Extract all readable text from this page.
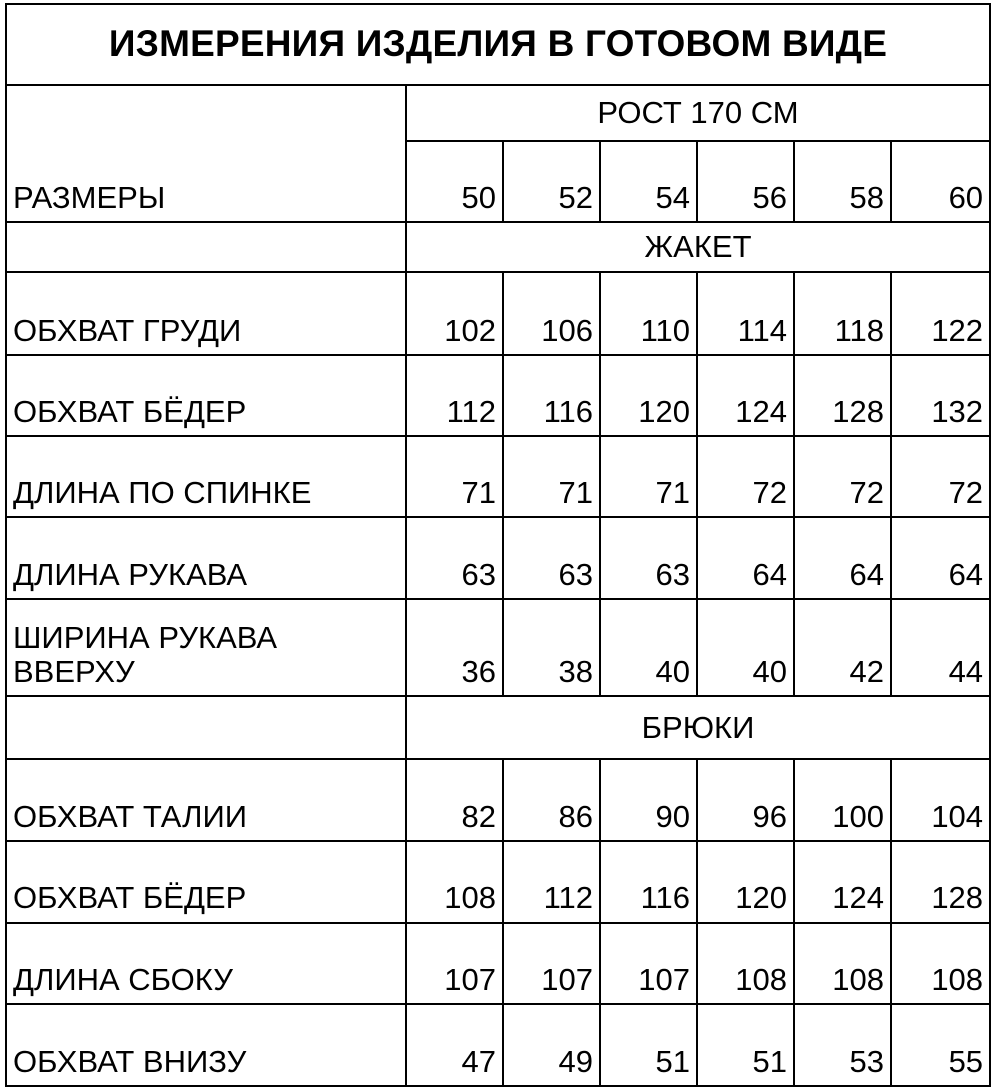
ИЗМЕРЕНИЯ ИЗДЕЛИЯ В ГОТОВОМ ВИДЕ						
РАЗМЕРЫ	РОСТ 170 СМ					
	50	52	54	56	58	60
	ЖАКЕТ					
ОБХВАТ ГРУДИ	102	106	110	114	118	122
ОБХВАТ БЁДЕР	112	116	120	124	128	132
ДЛИНА ПО СПИНКЕ	71	71	71	72	72	72
ДЛИНА РУКАВА	63	63	63	64	64	64
ШИРИНА РУКАВА ВВЕРХУ	36	38	40	40	42	44
	БРЮКИ					
ОБХВАТ ТАЛИИ	82	86	90	96	100	104
ОБХВАТ БЁДЕР	108	112	116	120	124	128
ДЛИНА СБОКУ	107	107	107	108	108	108
ОБХВАТ ВНИЗУ	47	49	51	51	53	55
